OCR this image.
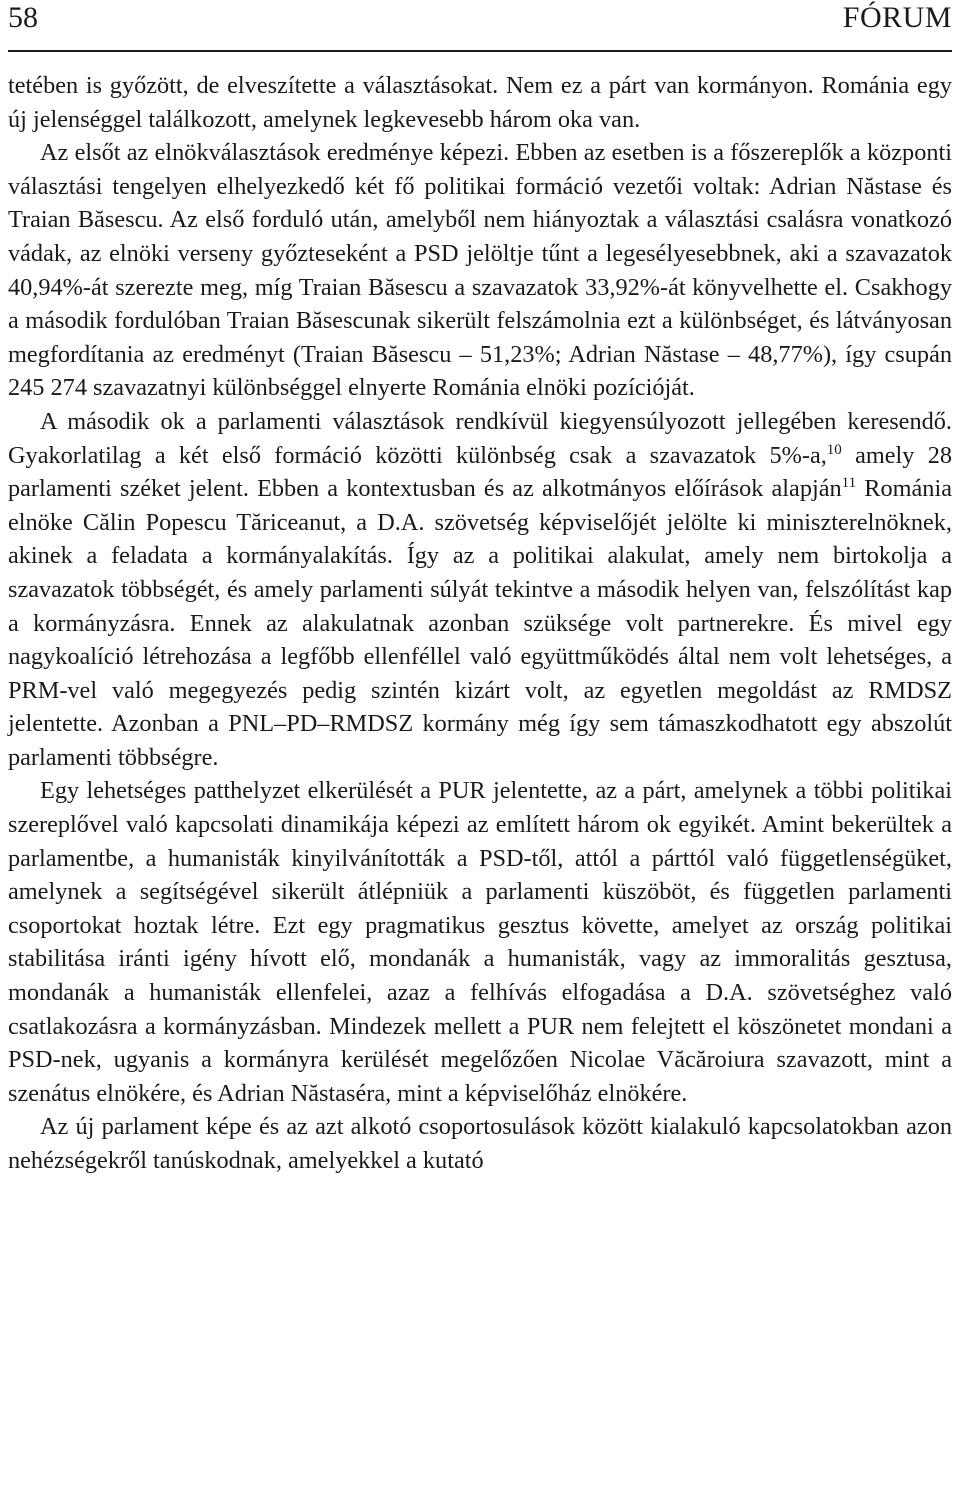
58	FÓRUM

tetében is győzött, de elveszítette a választásokat. Nem ez a párt van kormányon. Románia egy új jelenséggel találkozott, amelynek legkevesebb három oka van.

Az elsőt az elnökválasztások eredménye képezi. Ebben az esetben is a főszereplők a központi választási tengelyen elhelyezkedő két fő politikai formáció vezetői voltak: Adrian Năstase és Traian Băsescu. Az első forduló után, amelyből nem hiányoztak a választási csalásra vonatkozó vádak, az elnöki verseny győzteseként a PSD jelöltje tűnt a legesélyesebbnek, aki a szavazatok 40,94%-át szerezte meg, míg Traian Băsescu a szavazatok 33,92%-át könyvelhette el. Csakhogy a második fordulóban Traian Băsescunak sikerült felszámolnia ezt a különbséget, és látványosan megfordítania az eredményt (Traian Băsescu – 51,23%; Adrian Năstase – 48,77%), így csupán 245 274 szavazatnyi különbséggel elnyerte Románia elnöki pozícióját.

A második ok a parlamenti választások rendkívül kiegyensúlyozott jellegében keresendő. Gyakorlatilag a két első formáció közötti különbség csak a szavazatok 5%-a,$^{10}$ amely 28 parlamenti széket jelent. Ebben a kontextusban és az alkotmányos előírások alapján$^{11}$ Románia elnöke Călin Popescu Tăriceanut, a D.A. szövetség képviselőjét jelölte ki miniszterelnöknek, akinek a feladata a kormányalakítás. Így az a politikai alakulat, amely nem birtokolja a szavazatok többségét, és amely parlamenti súlyát tekintve a második helyen van, felszólítást kap a kormányzásra. Ennek az alakulatnak azonban szüksége volt partnerekre. És mivel egy nagykoalíció létrehozása a legfőbb ellenféllel való együttműködés által nem volt lehetséges, a PRM-vel való megegyezés pedig szintén kizárt volt, az egyetlen megoldást az RMDSZ jelentette. Azonban a PNL–PD–RMDSZ kormány még így sem támaszkodhatott egy abszolút parlamenti többségre.

Egy lehetséges patthelyzet elkerülését a PUR jelentette, az a párt, amelynek a többi politikai szereplővel való kapcsolati dinamikája képezi az említett három ok egyikét. Amint bekerültek a parlamentbe, a humanisták kinyilvánították a PSD-től, attól a párttól való függetlenségüket, amelynek a segítségével sikerült átlépniük a parlamenti küszöböt, és független parlamenti csoportokat hoztak létre. Ezt egy pragmatikus gesztus követte, amelyet az ország politikai stabilitása iránti igény hívott elő, mondanák a humanisták, vagy az immoralitás gesztusa, mondanák a humanisták ellenfelei, azaz a felhívás elfogadása a D.A. szövetséghez való csatlakozásra a kormányzásban. Mindezek mellett a PUR nem felejtett el köszönetet mondani a PSD-nek, ugyanis a kormányra kerülését megelőzően Nicolae Văcăroiura szavazott, mint a szenátus elnökére, és Adrian Năstaséra, mint a képviselőház elnökére.

Az új parlament képe és az azt alkotó csoportosulások között kialakuló kapcsolatokban azon nehézségekről tanúskodnak, amelyekkel a kutató
